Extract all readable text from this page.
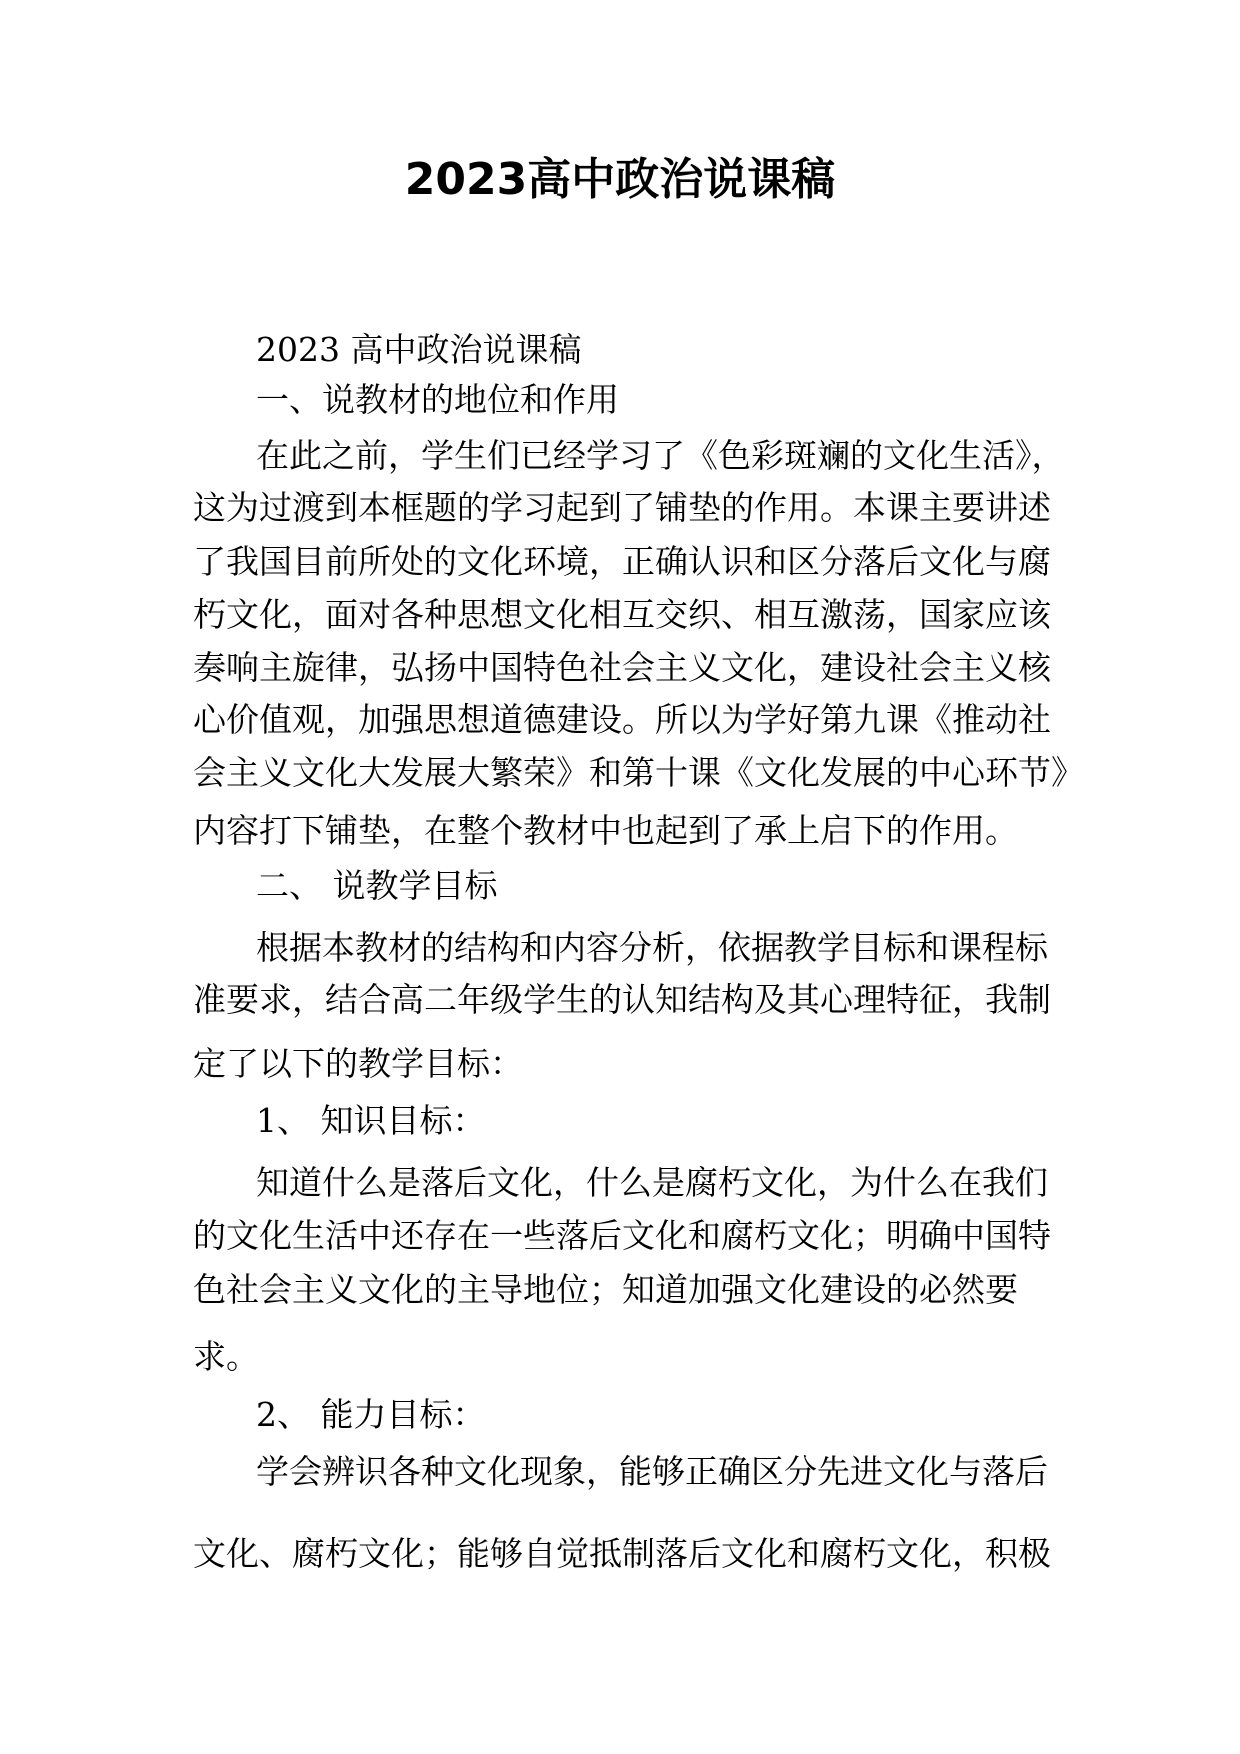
2023高中政治说课稿

2023 高中政治说课稿

一、说教材的地位和作用

在此之前，学生们已经学习了《色彩斑斓的文化生活》，

这为过渡到本框题的学习起到了铺垫的作用。本课主要讲述

了我国目前所处的文化环境，正确认识和区分落后文化与腐

朽文化，面对各种思想文化相互交织、相互激荡，国家应该

奏响主旋律，弘扬中国特色社会主义文化，建设社会主义核

心价值观，加强思想道德建设。所以为学好第九课《推动社

会主义文化大发展大繁荣》和第十课《文化发展的中心环节》

内容打下铺垫，在整个教材中也起到了承上启下的作用。

二、 说教学目标

根据本教材的结构和内容分析，依据教学目标和课程标

准要求，结合高二年级学生的认知结构及其心理特征，我制

定了以下的教学目标：

1、 知识目标：

知道什么是落后文化，什么是腐朽文化，为什么在我们

的文化生活中还存在一些落后文化和腐朽文化；明确中国特

色社会主义文化的主导地位；知道加强文化建设的必然要

求。

2、 能力目标：

学会辨识各种文化现象，能够正确区分先进文化与落后

文化、腐朽文化；能够自觉抵制落后文化和腐朽文化，积极
